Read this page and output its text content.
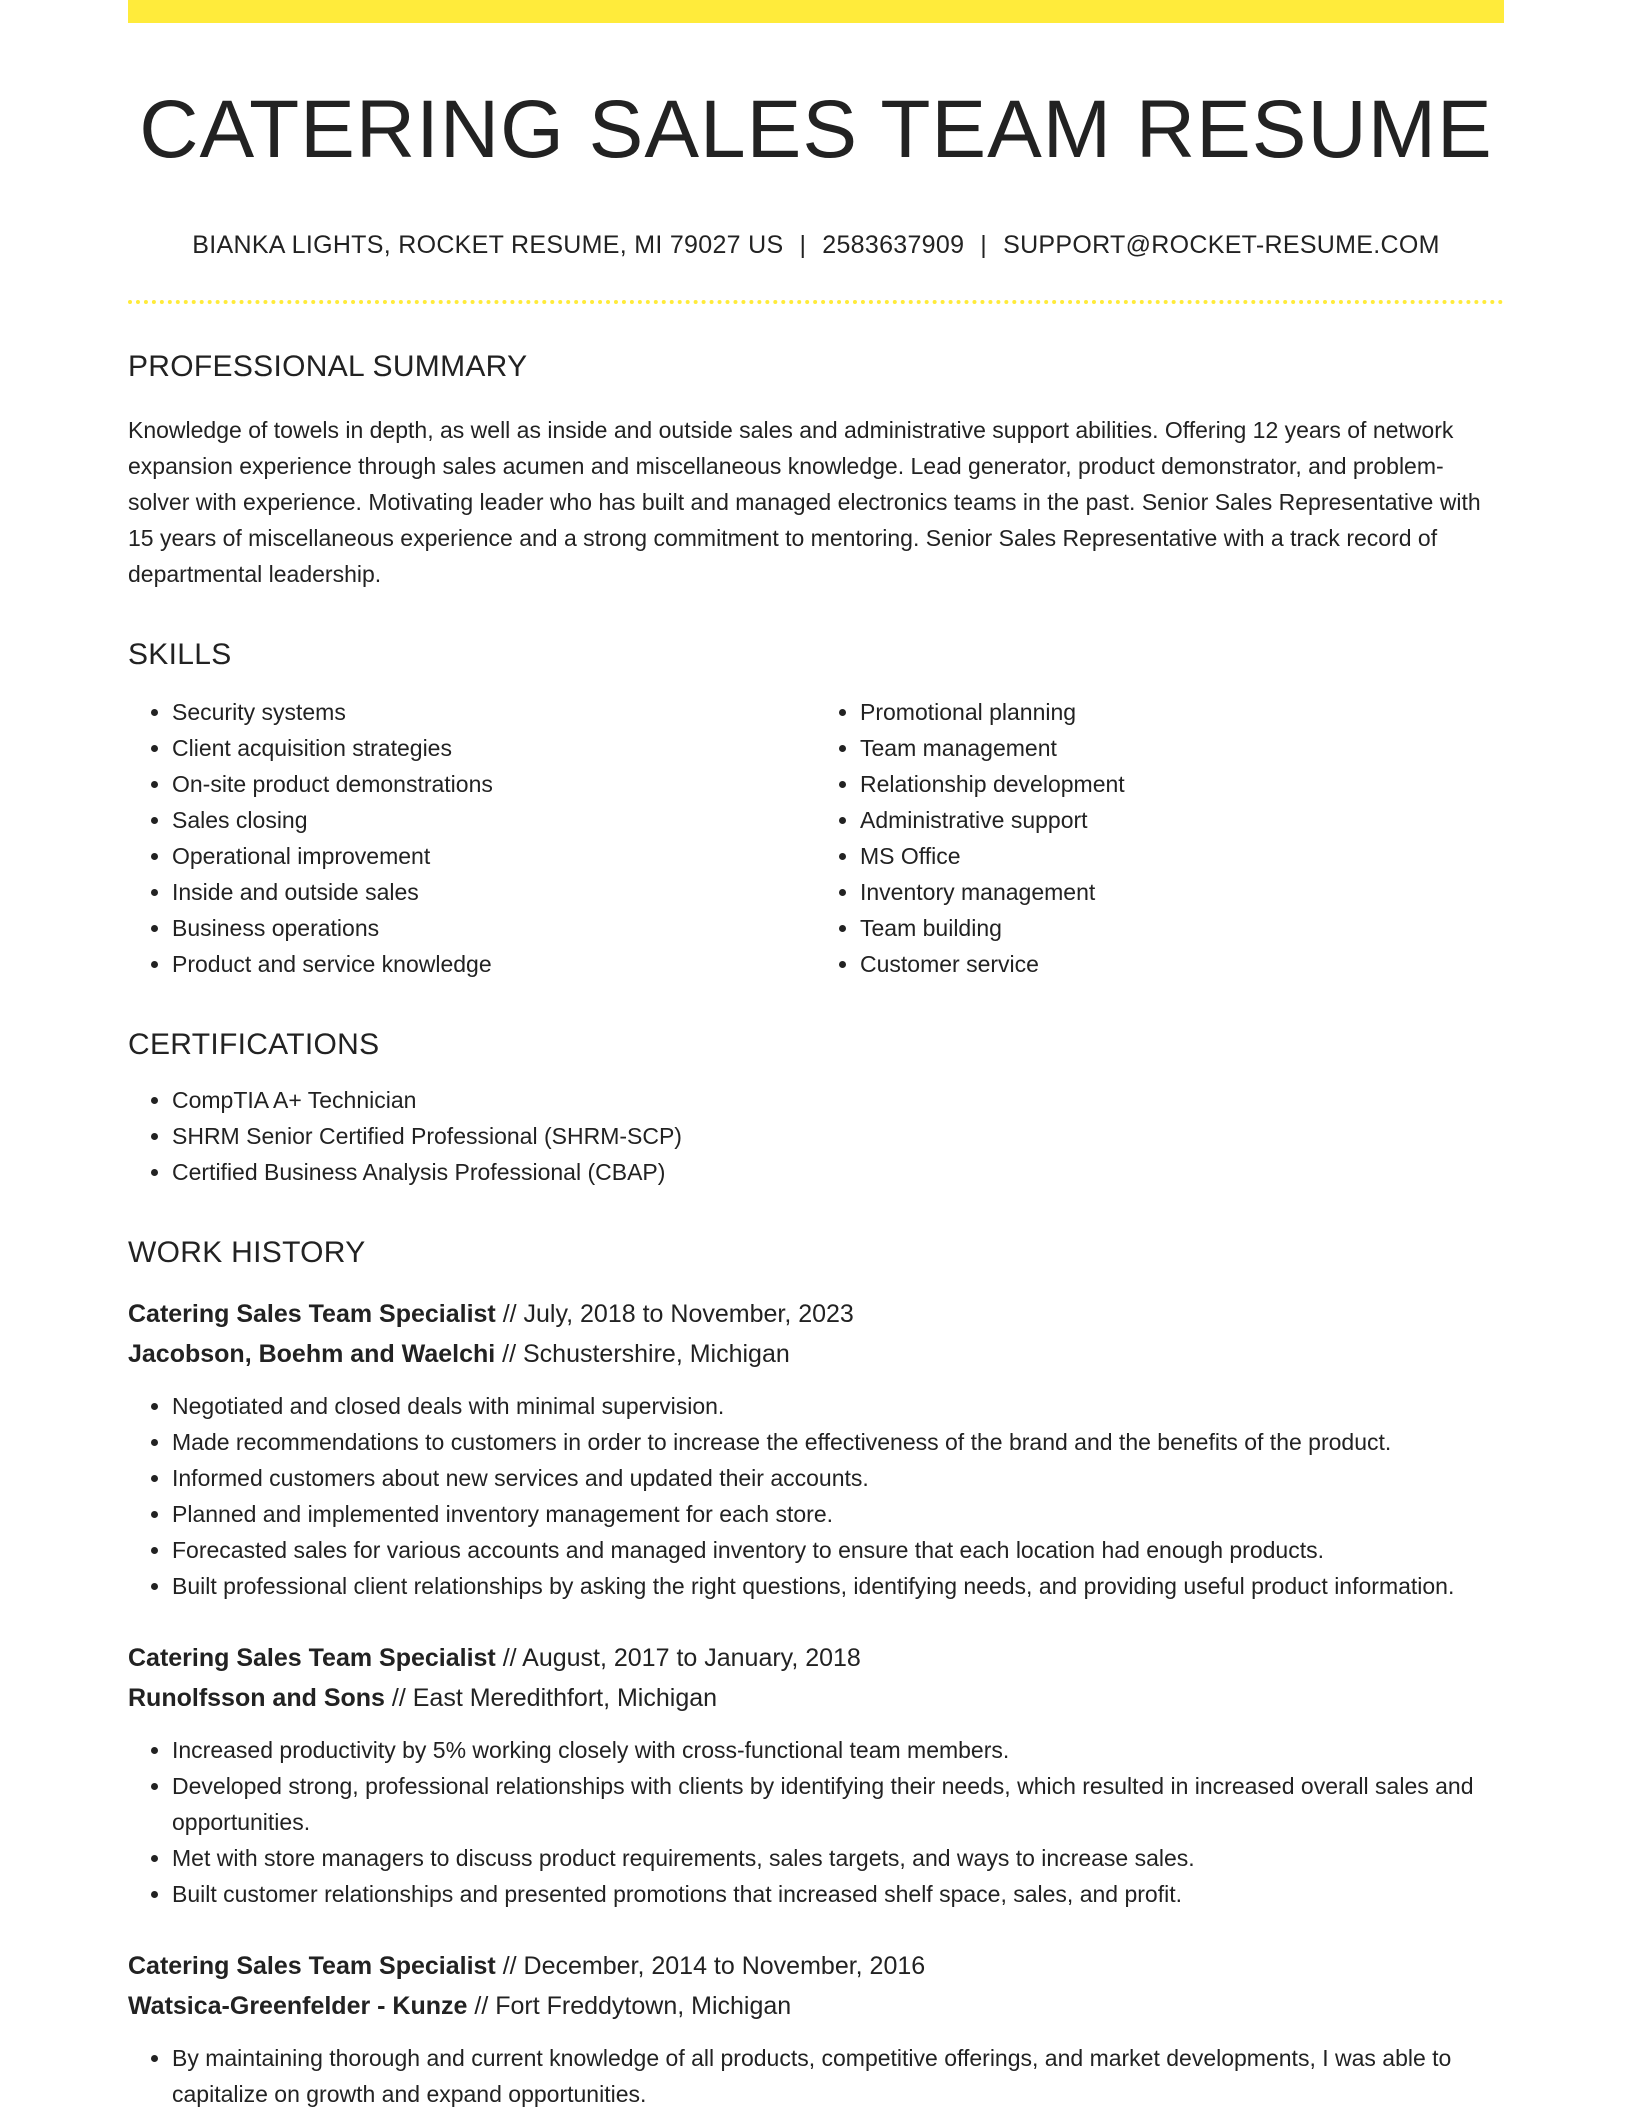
CATERING SALES TEAM RESUME
BIANKA LIGHTS, ROCKET RESUME, MI 79027 US | 2583637909 | SUPPORT@ROCKET-RESUME.COM
PROFESSIONAL SUMMARY

Knowledge of towels in depth, as well as inside and outside sales and administrative support abilities. Offering 12 years of network expansion experience through sales acumen and miscellaneous knowledge. Lead generator, product demonstrator, and problem-solver with experience. Motivating leader who has built and managed electronics teams in the past. Senior Sales Representative with 15 years of miscellaneous experience and a strong commitment to mentoring. Senior Sales Representative with a track record of departmental leadership.

SKILLS
• Security systems
• Client acquisition strategies
• On-site product demonstrations
• Sales closing
• Operational improvement
• Inside and outside sales
• Business operations
• Product and service knowledge
• Promotional planning
• Team management
• Relationship development
• Administrative support
• MS Office
• Inventory management
• Team building
• Customer service
CERTIFICATIONS
• CompTIA A+ Technician
• SHRM Senior Certified Professional (SHRM-SCP)
• Certified Business Analysis Professional (CBAP)
WORK HISTORY
Catering Sales Team Specialist // July, 2018 to November, 2023
Jacobson, Boehm and Waelchi // Schustershire, Michigan
• Negotiated and closed deals with minimal supervision.
• Made recommendations to customers in order to increase the effectiveness of the brand and the benefits of the product.
• Informed customers about new services and updated their accounts.
• Planned and implemented inventory management for each store.
• Forecasted sales for various accounts and managed inventory to ensure that each location had enough products.
• Built professional client relationships by asking the right questions, identifying needs, and providing useful product information.
Catering Sales Team Specialist // August, 2017 to January, 2018
Runolfsson and Sons // East Meredithfort, Michigan
• Increased productivity by 5% working closely with cross-functional team members.
• Developed strong, professional relationships with clients by identifying their needs, which resulted in increased overall sales and opportunities.
• Met with store managers to discuss product requirements, sales targets, and ways to increase sales.
• Built customer relationships and presented promotions that increased shelf space, sales, and profit.
Catering Sales Team Specialist // December, 2014 to November, 2016
Watsica-Greenfelder - Kunze // Fort Freddytown, Michigan
• By maintaining thorough and current knowledge of all products, competitive offerings, and market developments, I was able to capitalize on growth and expand opportunities.
